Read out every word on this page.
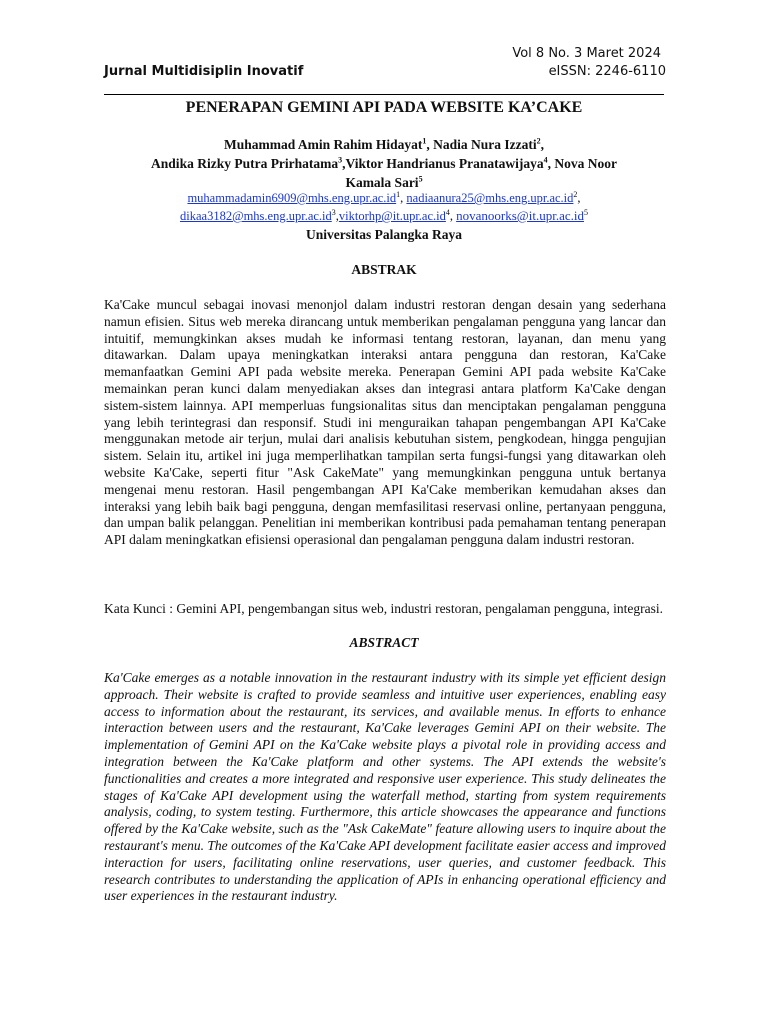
Vol 8 No. 3 Maret 2024
Jurnal Multidisiplin Inovatif	eISSN: 2246-6110
PENERAPAN GEMINI API PADA WEBSITE KA’CAKE
Muhammad Amin Rahim Hidayat$^1$, Nadia Nura Izzati$^2$,
Andika Rizky Putra Prirhatama$^3$,Viktor Handrianus Pranatawijaya$^4$, Nova Noor
Kamala Sari$^5$
$muhammadamin6909@mhs.eng.upr.ac.id^1$, $nadiaanura25@mhs.eng.upr.ac.id^2$,
$dikaa3182@mhs.eng.upr.ac.id^3,viktorhp@it.upr.ac.id^4$, $novanoorks@it.upr.ac.id^5$
Universitas Palangka Raya
ABSTRAK

Ka'Cake muncul sebagai inovasi menonjol dalam industri restoran dengan desain yang sederhana namun efisien. Situs web mereka dirancang untuk memberikan pengalaman pengguna yang lancar dan intuitif, memungkinkan akses mudah ke informasi tentang restoran, layanan, dan menu yang ditawarkan. Dalam upaya meningkatkan interaksi antara pengguna dan restoran, Ka'Cake memanfaatkan Gemini API pada website mereka. Penerapan Gemini API pada website Ka'Cake memainkan peran kunci dalam menyediakan akses dan integrasi antara platform Ka'Cake dengan sistem-sistem lainnya. API memperluas fungsionalitas situs dan menciptakan pengalaman pengguna yang lebih terintegrasi dan responsif. Studi ini menguraikan tahapan pengembangan API Ka'Cake menggunakan metode air terjun, mulai dari analisis kebutuhan sistem, pengkodean, hingga pengujian sistem. Selain itu, artikel ini juga memperlihatkan tampilan serta fungsi-fungsi yang ditawarkan oleh website Ka'Cake, seperti fitur "Ask CakeMate" yang memungkinkan pengguna untuk bertanya mengenai menu restoran. Hasil pengembangan API Ka'Cake memberikan kemudahan akses dan interaksi yang lebih baik bagi pengguna, dengan memfasilitasi reservasi online, pertanyaan pengguna, dan umpan balik pelanggan. Penelitian ini memberikan kontribusi pada pemahaman tentang penerapan API dalam meningkatkan efisiensi operasional dan pengalaman pengguna dalam industri restoran.

Kata Kunci : Gemini API, pengembangan situs web, industri restoran, pengalaman pengguna, integrasi.

ABSTRACT

Ka'Cake emerges as a notable innovation in the restaurant industry with its simple yet efficient design approach. Their website is crafted to provide seamless and intuitive user experiences, enabling easy access to information about the restaurant, its services, and available menus. In efforts to enhance interaction between users and the restaurant, Ka'Cake leverages Gemini API on their website. The implementation of Gemini API on the Ka'Cake website plays a pivotal role in providing access and integration between the Ka'Cake platform and other systems. The API extends the website's functionalities and creates a more integrated and responsive user experience. This study delineates the stages of Ka'Cake API development using the waterfall method, starting from system requirements analysis, coding, to system testing. Furthermore, this article showcases the appearance and functions offered by the Ka'Cake website, such as the "Ask CakeMate" feature allowing users to inquire about the restaurant's menu. The outcomes of the Ka'Cake API development facilitate easier access and improved interaction for users, facilitating online reservations, user queries, and customer feedback. This research contributes to understanding the application of APIs in enhancing operational efficiency and user experiences in the restaurant industry.
